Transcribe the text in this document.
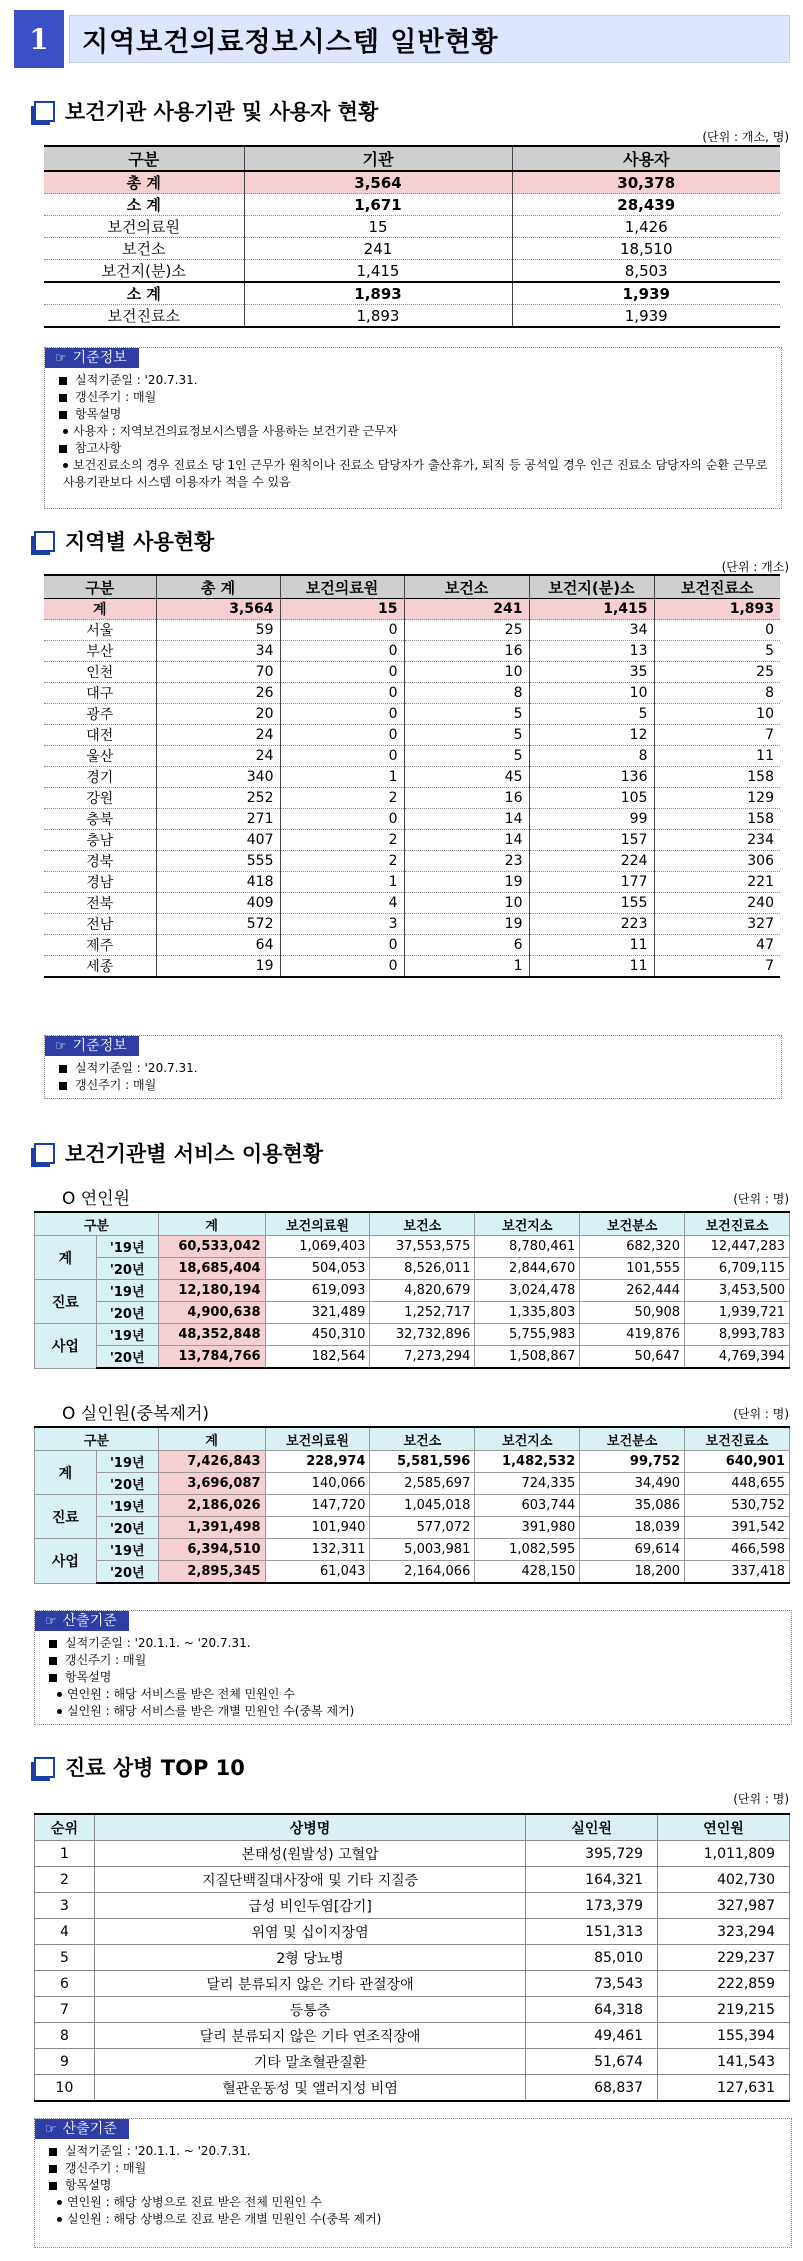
1	지역보건의료정보시스템 일반현황
보건기관 사용기관 및 사용자 현황
(단위 : 개소, 명)
구분	기관	사용자
총 계	3,564	30,378
소 계	1,671	28,439
보건의료원	15	1,426
보건소	241	18,510
보건지(분)소	1,415	8,503
소 계	1,893	1,939
보건진료소	1,893	1,939
☞ 기준정보
실적기준일 : '20.7.31.
갱신주기 : 매월
항목설명
사용자 : 지역보건의료정보시스템을 사용하는 보건기관 근무자
참고사항
보건진료소의 경우 진료소 당 1인 근무가 원칙이나 진료소 담당자가 출산휴가, 퇴직 등 공석일 경우 인근 진료소 담당자의 순환 근무로 사용기관보다 시스템 이용자가 적을 수 있음
지역별 사용현황
(단위 : 개소)
구분	총 계	보건의료원	보건소	보건지(분)소	보건진료소
계	3,564	15	241	1,415	1,893
서울	59	0	25	34	0
부산	34	0	16	13	5
인천	70	0	10	35	25
대구	26	0	8	10	8
광주	20	0	5	5	10
대전	24	0	5	12	7
울산	24	0	5	8	11
경기	340	1	45	136	158
강원	252	2	16	105	129
충북	271	0	14	99	158
충남	407	2	14	157	234
경북	555	2	23	224	306
경남	418	1	19	177	221
전북	409	4	10	155	240
전남	572	3	19	223	327
제주	64	0	6	11	47
세종	19	0	1	11	7
☞ 기준정보
실적기준일 : '20.7.31.
갱신주기 : 매월
보건기관별 서비스 이용현황
O 연인원	(단위 : 명)
구분		계	보건의료원	보건소	보건지소	보건분소	보건진료소
계	'19년	60,533,042	1,069,403	37,553,575	8,780,461	682,320	12,447,283
	'20년	18,685,404	504,053	8,526,011	2,844,670	101,555	6,709,115
진료	'19년	12,180,194	619,093	4,820,679	3,024,478	262,444	3,453,500
	'20년	4,900,638	321,489	1,252,717	1,335,803	50,908	1,939,721
사업	'19년	48,352,848	450,310	32,732,896	5,755,983	419,876	8,993,783
	'20년	13,784,766	182,564	7,273,294	1,508,867	50,647	4,769,394
O 실인원(중복제거)	(단위 : 명)
구분		계	보건의료원	보건소	보건지소	보건분소	보건진료소
계	'19년	7,426,843	228,974	5,581,596	1,482,532	99,752	640,901
	'20년	3,696,087	140,066	2,585,697	724,335	34,490	448,655
진료	'19년	2,186,026	147,720	1,045,018	603,744	35,086	530,752
	'20년	1,391,498	101,940	577,072	391,980	18,039	391,542
사업	'19년	6,394,510	132,311	5,003,981	1,082,595	69,614	466,598
	'20년	2,895,345	61,043	2,164,066	428,150	18,200	337,418
☞ 산출기준
실적기준일 : '20.1.1. ~ '20.7.31.
갱신주기 : 매월
항목설명
연인원 : 해당 서비스를 받은 전체 민원인 수
실인원 : 해당 서비스를 받은 개별 민원인 수(중복 제거)
진료 상병 TOP 10
(단위 : 명)
순위	상병명	실인원	연인원
1	본태성(원발성) 고혈압	395,729	1,011,809
2	지질단백질대사장애 및 기타 지질증	164,321	402,730
3	급성 비인두염[감기]	173,379	327,987
4	위염 및 십이지장염	151,313	323,294
5	2형 당뇨병	85,010	229,237
6	달리 분류되지 않은 기타 관절장애	73,543	222,859
7	등통증	64,318	219,215
8	달리 분류되지 않은 기타 연조직장애	49,461	155,394
9	기타 말초혈관질환	51,674	141,543
10	혈관운동성 및 앨러지성 비염	68,837	127,631
☞ 산출기준
실적기준일 : '20.1.1. ~ '20.7.31.
갱신주기 : 매월
항목설명
연인원 : 해당 상병으로 진료 받은 전체 민원인 수
실인원 : 해당 상병으로 진료 받은 개별 민원인 수(중복 제거)
